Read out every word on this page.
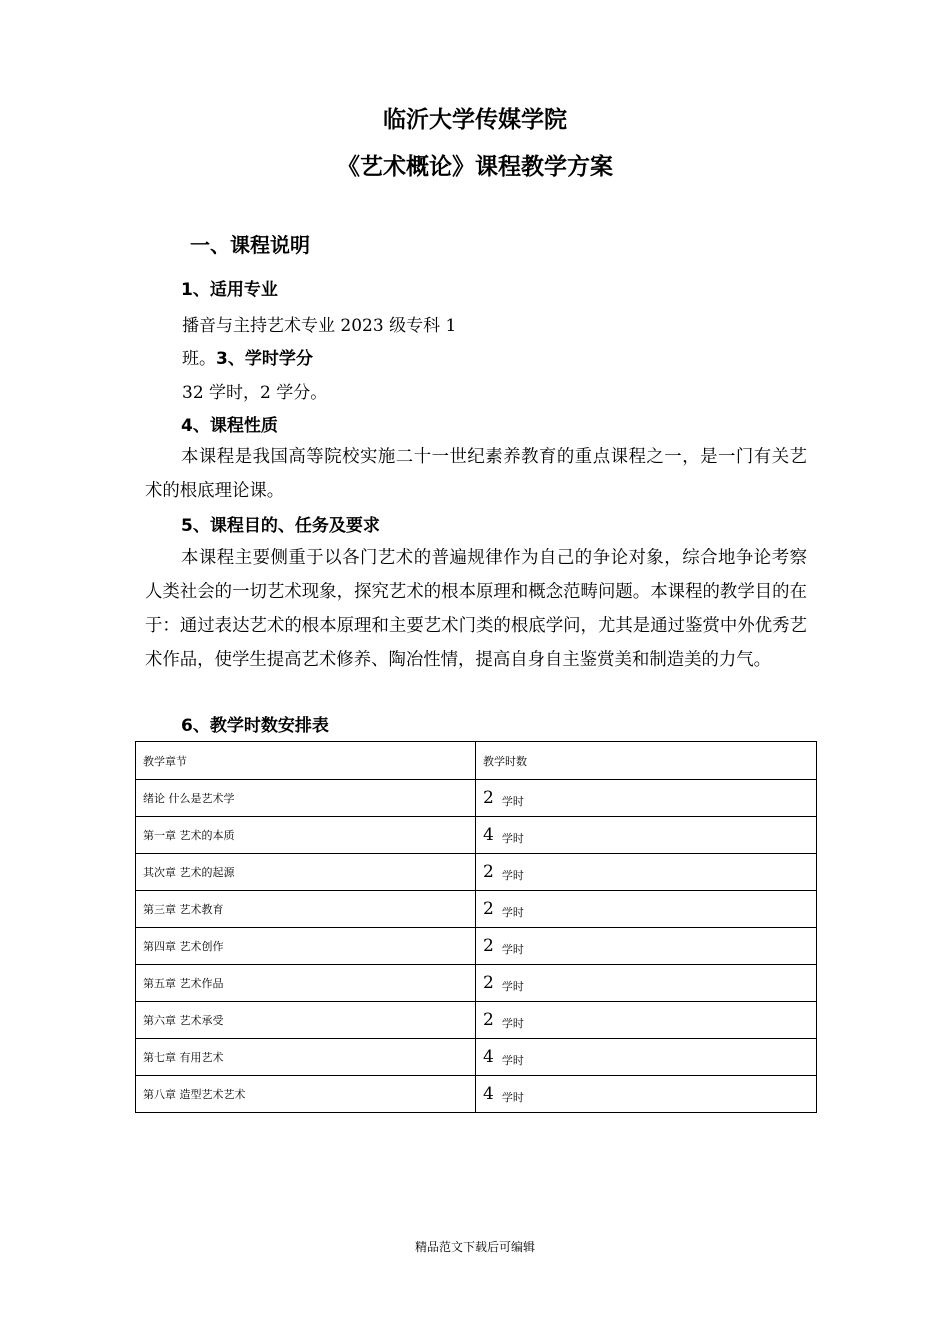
临沂大学传媒学院
《艺术概论》课程教学方案
一、课程说明
1、适用专业
播音与主持艺术专业 2023 级专科 1
班。3、学时学分
32 学时，2 学分。
4、课程性质
本课程是我国高等院校实施二十一世纪素养教育的重点课程之一，是一门有关艺术的根底理论课。
5、课程目的、任务及要求
本课程主要侧重于以各门艺术的普遍规律作为自己的争论对象，综合地争论考察人类社会的一切艺术现象，探究艺术的根本原理和概念范畴问题。本课程的教学目的在于：通过表达艺术的根本原理和主要艺术门类的根底学问，尤其是通过鉴赏中外优秀艺术作品，使学生提高艺术修养、陶冶性情，提高自身自主鉴赏美和制造美的力气。
6、教学时数安排表
教学章节	教学时数
绪论 什么是艺术学	2 学时
第一章 艺术的本质	4 学时
其次章 艺术的起源	2 学时
第三章 艺术教育	2 学时
第四章 艺术创作	2 学时
第五章 艺术作品	2 学时
第六章 艺术承受	2 学时
第七章 有用艺术	4 学时
第八章 造型艺术艺术	4 学时
精品范文下载后可编辑
